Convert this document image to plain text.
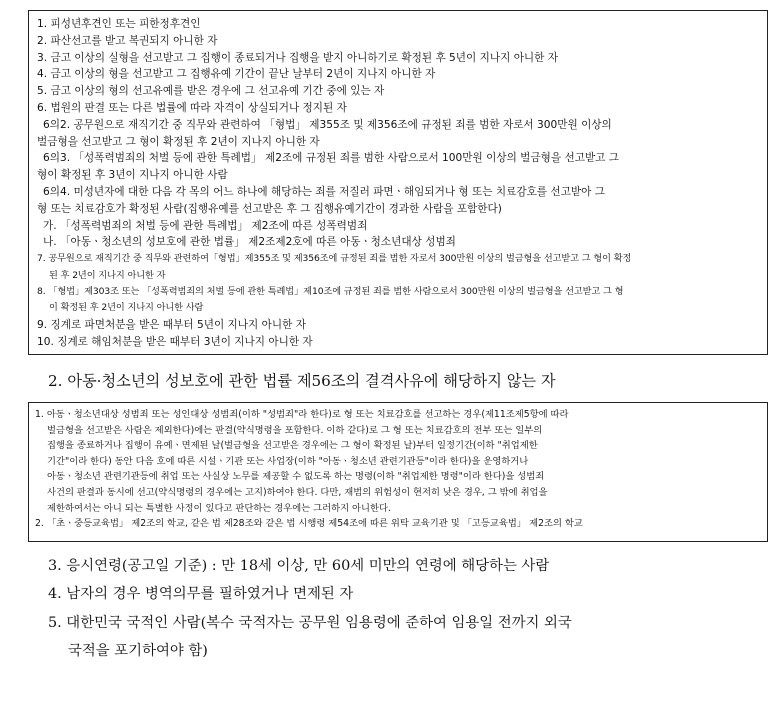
1. 피성년후견인 또는 피한정후견인
2. 파산선고를 받고 복권되지 아니한 자
3. 금고 이상의 실형을 선고받고 그 집행이 종료되거나 집행을 받지 아니하기로 확정된 후 5년이 지나지 아니한 자
4. 금고 이상의 형을 선고받고 그 집행유예 기간이 끝난 날부터 2년이 지나지 아니한 자
5. 금고 이상의 형의 선고유예를 받은 경우에 그 선고유예 기간 중에 있는 자
6. 법원의 판결 또는 다른 법률에 따라 자격이 상실되거나 정지된 자
6의2. 공무원으로 재직기간 중 직무와 관련하여 「형법」 제355조 및 제356조에 규정된 죄를 범한 자로서 300만원 이상의
벌금형을 선고받고 그 형이 확정된 후 2년이 지나지 아니한 자
6의3. 「성폭력범죄의 처벌 등에 관한 특례법」 제2조에 규정된 죄를 범한 사람으로서 100만원 이상의 벌금형을 선고받고 그
형이 확정된 후 3년이 지나지 아니한 사람
6의4. 미성년자에 대한 다음 각 목의 어느 하나에 해당하는 죄를 저질러 파면ㆍ해임되거나 형 또는 치료감호를 선고받아 그
형 또는 치료감호가 확정된 사람(집행유예를 선고받은 후 그 집행유예기간이 경과한 사람을 포함한다)
가. 「성폭력범죄의 처벌 등에 관한 특례법」 제2조에 따른 성폭력범죄
나. 「아동ㆍ청소년의 성보호에 관한 법률」 제2조제2호에 따른 아동ㆍ청소년대상 성범죄
7. 공무원으로 재직기간 중 직무와 관련하여「형법」제355조 및 제356조에 규정된 죄를 범한 자로서 300만원 이상의 벌금형을 선고받고 그 형이 확정
된 후 2년이 지나지 아니한 자
8. 「형법」제303조 또는 「성폭력범죄의 처벌 등에 관한 특례법」제10조에 규정된 죄를 범한 사람으로서 300만원 이상의 벌금형을 선고받고 그 형
이 확정된 후 2년이 지나지 아니한 사람
9. 징계로 파면처분을 받은 때부터 5년이 지나지 아니한 자
10. 징계로 해임처분을 받은 때부터 3년이 지나지 아니한 자
2. 아동·청소년의 성보호에 관한 법률 제56조의 결격사유에 해당하지 않는 자
1. 아동ㆍ청소년대상 성범죄 또는 성인대상 성범죄(이하 "성범죄"라 한다)로 형 또는 치료감호를 선고하는 경우(제11조제5항에 따라
벌금형을 선고받은 사람은 제외한다)에는 판결(약식명령을 포함한다. 이하 같다)로 그 형 또는 치료감호의 전부 또는 일부의
집행을 종료하거나 집행이 유예ㆍ면제된 날(벌금형을 선고받은 경우에는 그 형이 확정된 날)부터 일정기간(이하 "취업제한
기간"이라 한다) 동안 다음 호에 따른 시설ㆍ기관 또는 사업장(이하 "아동ㆍ청소년 관련기관등"이라 한다)을 운영하거나
아동ㆍ청소년 관련기관등에 취업 또는 사실상 노무를 제공할 수 없도록 하는 명령(이하 "취업제한 명령"이라 한다)을 성범죄
사건의 판결과 동시에 선고(약식명령의 경우에는 고지)하여야 한다. 다만, 재범의 위험성이 현저히 낮은 경우, 그 밖에 취업을
제한하여서는 아니 되는 특별한 사정이 있다고 판단하는 경우에는 그러하지 아니한다.
2. 「초ㆍ중등교육법」 제2조의 학교, 같은 법 제28조와 같은 법 시행령 제54조에 따른 위탁 교육기관 및 「고등교육법」 제2조의 학교
3. 응시연령(공고일 기준) : 만 18세 이상, 만 60세 미만의 연령에 해당하는 사람
4. 남자의 경우 병역의무를 필하였거나 면제된 자
5. 대한민국 국적인 사람(복수 국적자는 공무원 임용령에 준하여 임용일 전까지 외국
국적을 포기하여야 함)
